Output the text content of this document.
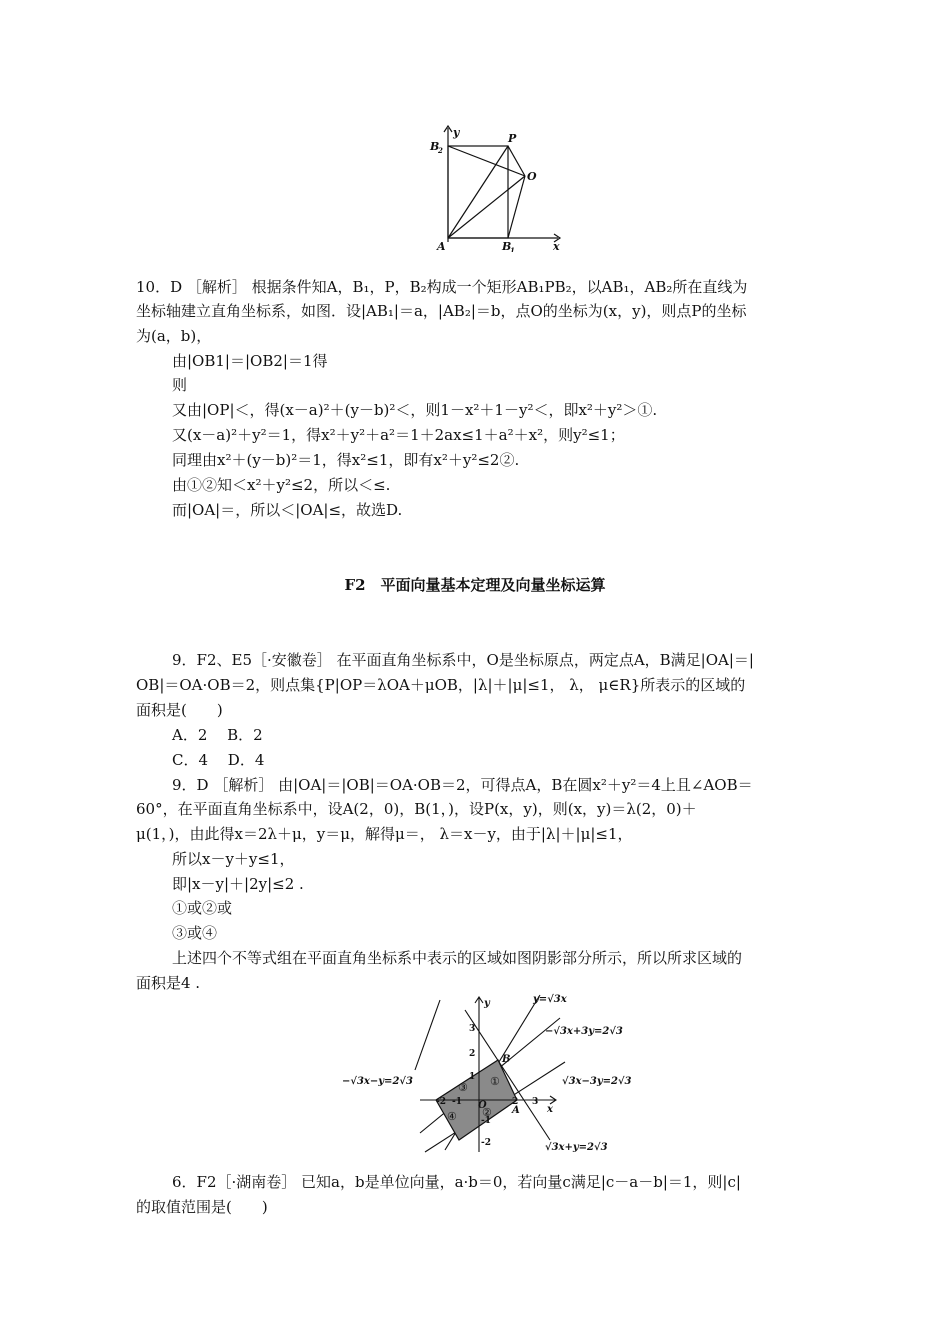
y
x
B
2
P
O
A	B
1
10．D ［解析］ 根据条件知A，B₁，P，B₂构成一个矩形AB₁PB₂，以AB₁，AB₂所在直线为
坐标轴建立直角坐标系，如图．设|AB₁|＝a，|AB₂|＝b，点O的坐标为(x，y)，则点P的坐标
为(a，b)，
由|OB1|＝|OB2|＝1得
则
又由|OP|＜，得(x－a)²＋(y－b)²＜，则1－x²＋1－y²＜，即x²＋y²＞①.
又(x－a)²＋y²＝1，得x²＋y²＋a²＝1＋2ax≤1＋a²＋x²，则y²≤1；
同理由x²＋(y－b)²＝1，得x²≤1，即有x²＋y²≤2②.
由①②知＜x²＋y²≤2，所以＜≤.
而|OA|＝，所以＜|OA|≤，故选D.
F2　平面向量基本定理及向量坐标运算
9．F2、E5［·安徽卷］ 在平面直角坐标系中，O是坐标原点，两定点A，B满足|OA|＝|
OB|＝OA·OB＝2，则点集{P|OP＝λOA＋μOB，|λ|＋|μ|≤1， λ， μ∈R}所表示的区域的
面积是(　　)
A．2　 B．2
C．4　 D．4
9．D ［解析］ 由|OA|＝|OB|＝OA·OB＝2，可得点A，B在圆x²＋y²＝4上且∠AOB＝
60°，在平面直角坐标系中，设A(2，0)，B(1，)，设P(x，y)，则(x，y)＝λ(2，0)＋
μ(1，)，由此得x＝2λ＋μ，y＝μ，解得μ＝， λ＝x－y，由于|λ|＋|μ|≤1，
所以x－y＋y≤1，
即|x－y|＋|2y|≤2 .
①或②或
③或④
上述四个不等式组在平面直角坐标系中表示的区域如图阴影部分所示，所以所求区域的
面积是4 .
y=√3x
−√3x+3y=2√3
√3x−3y=2√3
√3x+y=2√3
−√3x−y=2√3
y
x
O	A
B
①
②
③
④
3
2
1
-1
-2
2 3
-2 -1
6．F2［·湖南卷］ 已知a，b是单位向量，a·b＝0，若向量c满足|c－a－b|＝1，则|c|
的取值范围是(　　)
